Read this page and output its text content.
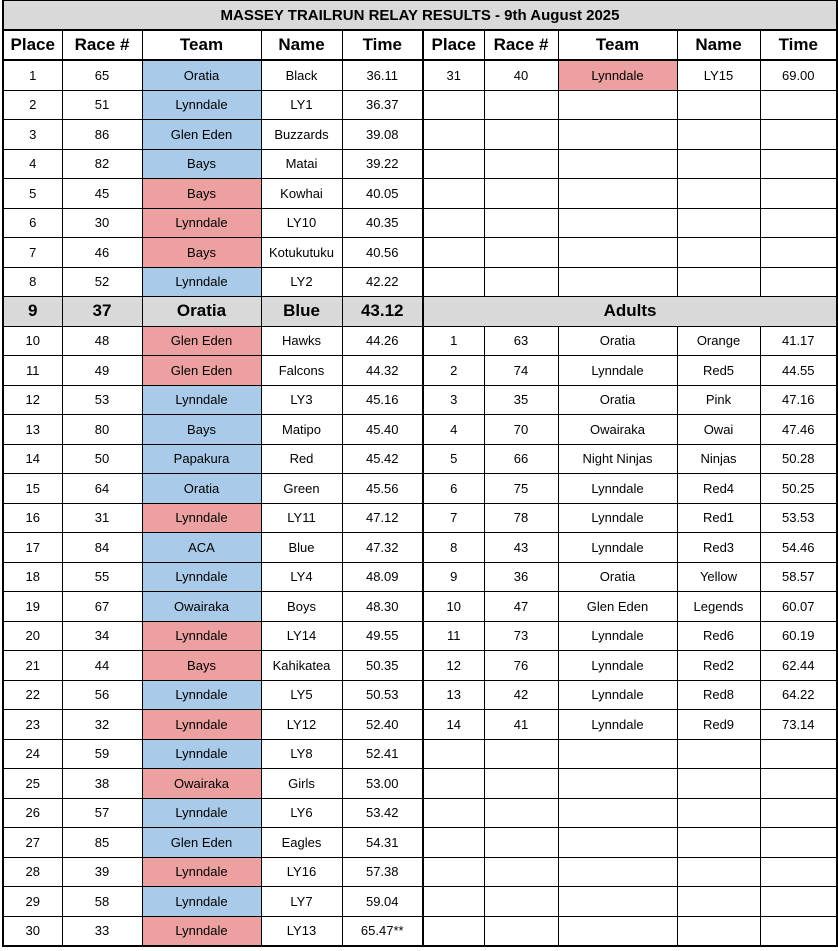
MASSEY TRAILRUN RELAY RESULTS - 9th August 2025									
Place	Race #	Team	Name	Time	Place	Race #	Team	Name	Time
1	65	Oratia	Black	36.11	31	40	Lynndale	LY15	69.00
2	51	Lynndale	LY1	36.37					
3	86	Glen Eden	Buzzards	39.08					
4	82	Bays	Matai	39.22					
5	45	Bays	Kowhai	40.05					
6	30	Lynndale	LY10	40.35					
7	46	Bays	Kotukutuku	40.56					
8	52	Lynndale	LY2	42.22					
9	37	Oratia	Blue	43.12	Adults				
10	48	Glen Eden	Hawks	44.26	1	63	Oratia	Orange	41.17
11	49	Glen Eden	Falcons	44.32	2	74	Lynndale	Red5	44.55
12	53	Lynndale	LY3	45.16	3	35	Oratia	Pink	47.16
13	80	Bays	Matipo	45.40	4	70	Owairaka	Owai	47.46
14	50	Papakura	Red	45.42	5	66	Night Ninjas	Ninjas	50.28
15	64	Oratia	Green	45.56	6	75	Lynndale	Red4	50.25
16	31	Lynndale	LY11	47.12	7	78	Lynndale	Red1	53.53
17	84	ACA	Blue	47.32	8	43	Lynndale	Red3	54.46
18	55	Lynndale	LY4	48.09	9	36	Oratia	Yellow	58.57
19	67	Owairaka	Boys	48.30	10	47	Glen Eden	Legends	60.07
20	34	Lynndale	LY14	49.55	11	73	Lynndale	Red6	60.19
21	44	Bays	Kahikatea	50.35	12	76	Lynndale	Red2	62.44
22	56	Lynndale	LY5	50.53	13	42	Lynndale	Red8	64.22
23	32	Lynndale	LY12	52.40	14	41	Lynndale	Red9	73.14
24	59	Lynndale	LY8	52.41					
25	38	Owairaka	Girls	53.00					
26	57	Lynndale	LY6	53.42					
27	85	Glen Eden	Eagles	54.31					
28	39	Lynndale	LY16	57.38					
29	58	Lynndale	LY7	59.04					
30	33	Lynndale	LY13	65.47**					
